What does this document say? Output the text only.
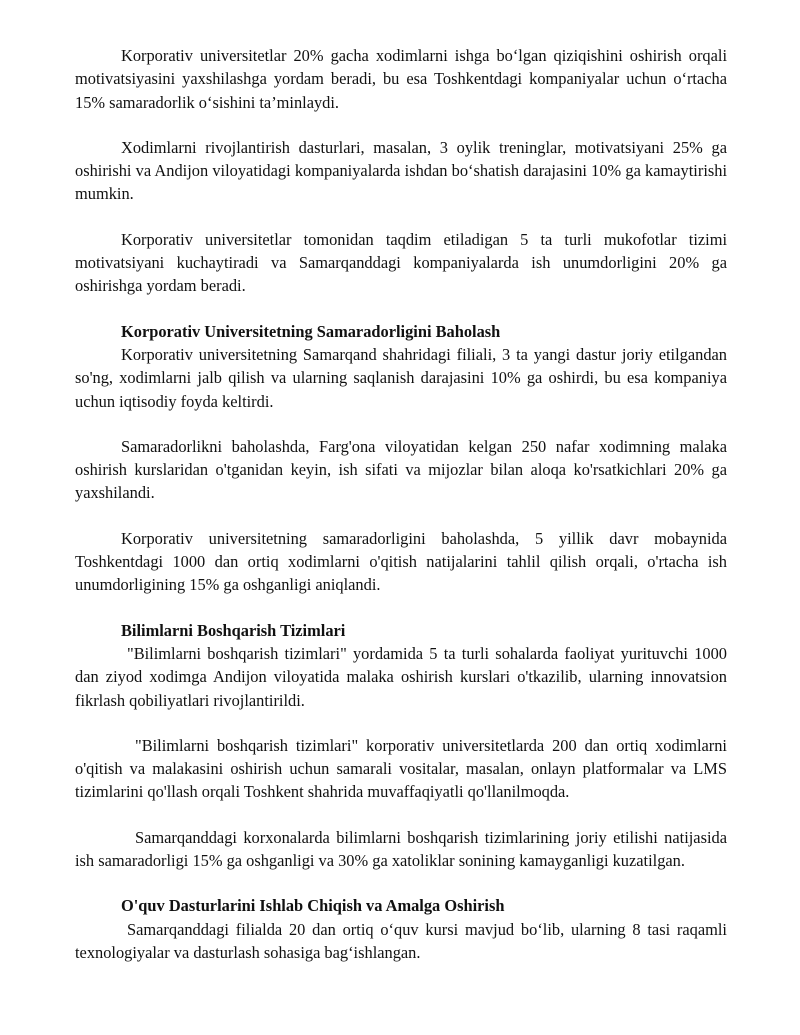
Korporativ universitetlar 20% gacha xodimlarni ishga bo‘lgan qiziqishini oshirish orqali motivatsiyasini yaxshilashga yordam beradi, bu esa Toshkentdagi kompaniyalar uchun o‘rtacha 15% samaradorlik o‘sishini ta’minlaydi.

Xodimlarni rivojlantirish dasturlari, masalan, 3 oylik treninglar, motivatsiyani 25% ga oshirishi va Andijon viloyatidagi kompaniyalarda ishdan bo‘shatish darajasini 10% ga kamaytirishi mumkin.

Korporativ universitetlar tomonidan taqdim etiladigan 5 ta turli mukofotlar tizimi motivatsiyani kuchaytiradi va Samarqanddagi kompaniyalarda ish unumdorligini 20% ga oshirishga yordam beradi.

Korporativ Universitetning Samaradorligini Baholash

Korporativ universitetning Samarqand shahridagi filiali, 3 ta yangi dastur joriy etilgandan so'ng, xodimlarni jalb qilish va ularning saqlanish darajasini 10% ga oshirdi, bu esa kompaniya uchun iqtisodiy foyda keltirdi.

Samaradorlikni baholashda, Farg'ona viloyatidan kelgan 250 nafar xodimning malaka oshirish kurslaridan o'tganidan keyin, ish sifati va mijozlar bilan aloqa ko'rsatkichlari 20% ga yaxshilandi.

Korporativ universitetning samaradorligini baholashda, 5 yillik davr mobaynida Toshkentdagi 1000 dan ortiq xodimlarni o'qitish natijalarini tahlil qilish orqali, o'rtacha ish unumdorligining 15% ga oshganligi aniqlandi.

Bilimlarni Boshqarish Tizimlari

"Bilimlarni boshqarish tizimlari" yordamida 5 ta turli sohalarda faoliyat yurituvchi 1000 dan ziyod xodimga Andijon viloyatida malaka oshirish kurslari o'tkazilib, ularning innovatsion fikrlash qobiliyatlari rivojlantirildi.

"Bilimlarni boshqarish tizimlari" korporativ universitetlarda 200 dan ortiq xodimlarni o'qitish va malakasini oshirish uchun samarali vositalar, masalan, onlayn platformalar va LMS tizimlarini qo'llash orqali Toshkent shahrida muvaffaqiyatli qo'llanilmoqda.

Samarqanddagi korxonalarda bilimlarni boshqarish tizimlarining joriy etilishi natijasida ish samaradorligi 15% ga oshganligi va 30% ga xatoliklar sonining kamayganligi kuzatilgan.

O'quv Dasturlarini Ishlab Chiqish va Amalga Oshirish

Samarqanddagi filialda 20 dan ortiq o‘quv kursi mavjud bo‘lib, ularning 8 tasi raqamli texnologiyalar va dasturlash sohasiga bag‘ishlangan.
